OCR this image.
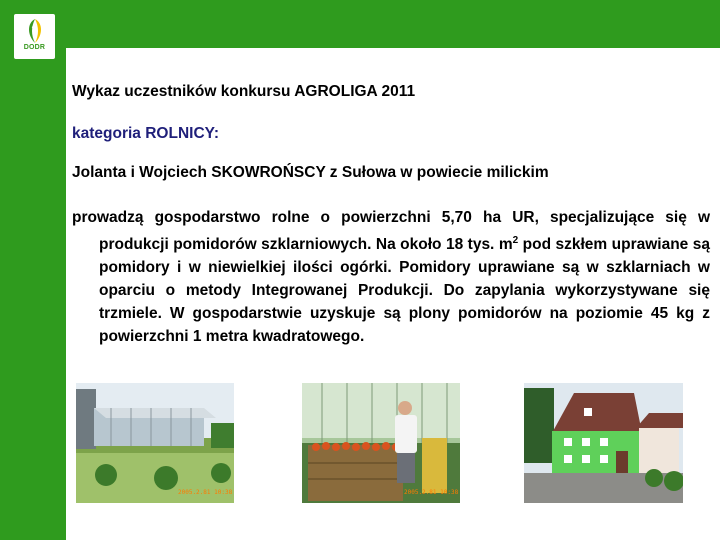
DODR
Wykaz uczestników konkursu AGROLIGA 2011
kategoria ROLNICY:
Jolanta i Wojciech SKOWROŃSCY z Sułowa w powiecie milickim
prowadzą gospodarstwo rolne o powierzchni 5,70 ha UR, specjalizujące się w produkcji pomidorów szklarniowych. Na około 18 tys. $m^2$ pod szkłem uprawiane są pomidory i w niewielkiej ilości ogórki. Pomidory uprawiane są w szklarniach w oparciu o metody Integrowanej Produkcji. Do zapylania wykorzystywane się trzmiele. W gospodarstwie uzyskuje są plony pomidorów na poziomie 45 kg z powierzchni 1 metra kwadratowego.
2005.2.81 10:38	2005.2.81 10:38
